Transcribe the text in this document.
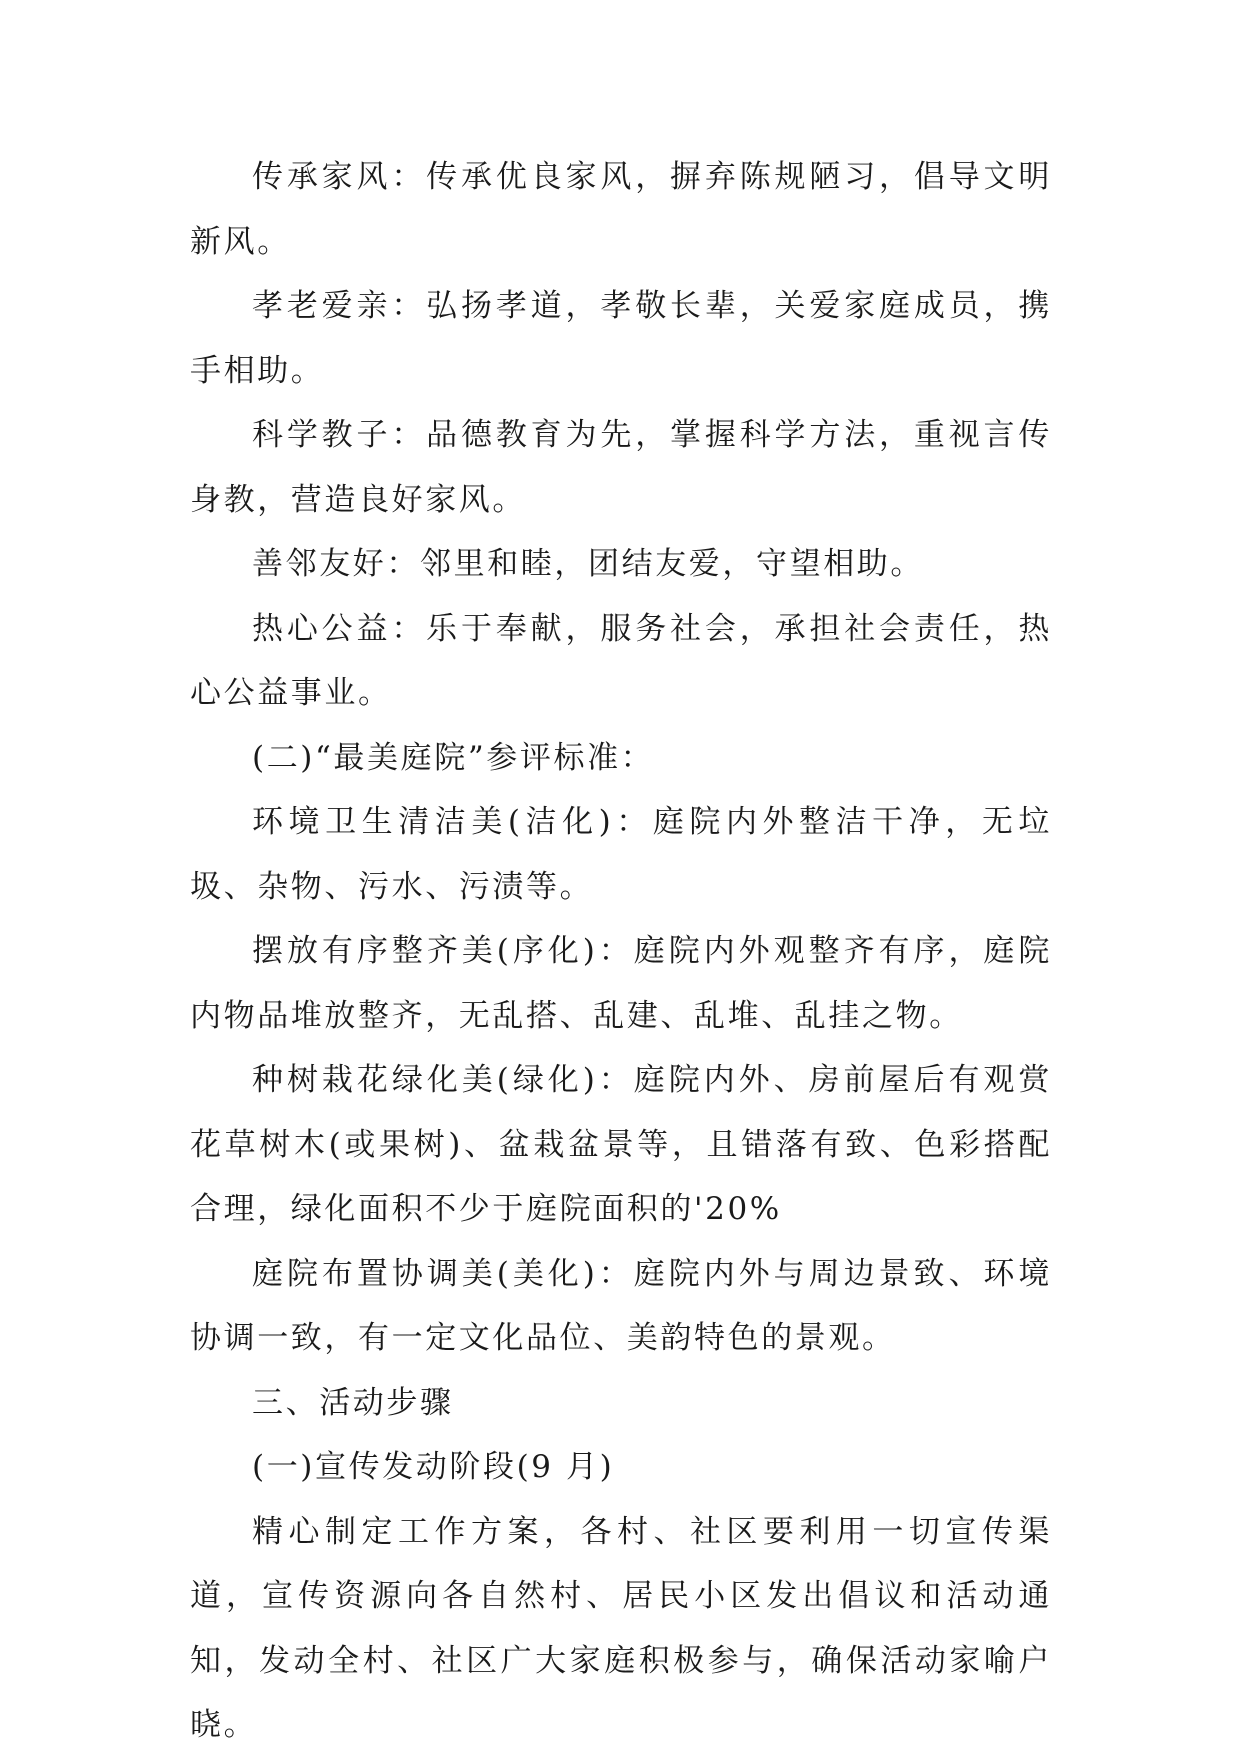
传承家风：传承优良家风，摒弃陈规陋习，倡导文明新风。

孝老爱亲：弘扬孝道，孝敬长辈，关爱家庭成员，携手相助。

科学教子：品德教育为先，掌握科学方法，重视言传身教，营造良好家风。

善邻友好：邻里和睦，团结友爱，守望相助。

热心公益：乐于奉献，服务社会，承担社会责任，热心公益事业。

(二)“最美庭院”参评标准：

环境卫生清洁美(洁化)：庭院内外整洁干净，无垃圾、杂物、污水、污渍等。

摆放有序整齐美(序化)：庭院内外观整齐有序，庭院内物品堆放整齐，无乱搭、乱建、乱堆、乱挂之物。

种树栽花绿化美(绿化)：庭院内外、房前屋后有观赏花草树木(或果树)、盆栽盆景等，且错落有致、色彩搭配合理，绿化面积不少于庭院面积的'20%

庭院布置协调美(美化)：庭院内外与周边景致、环境协调一致，有一定文化品位、美韵特色的景观。

三、活动步骤

(一)宣传发动阶段(9 月)

精心制定工作方案，各村、社区要利用一切宣传渠道，宣传资源向各自然村、居民小区发出倡议和活动通知，发动全村、社区广大家庭积极参与，确保活动家喻户晓。
